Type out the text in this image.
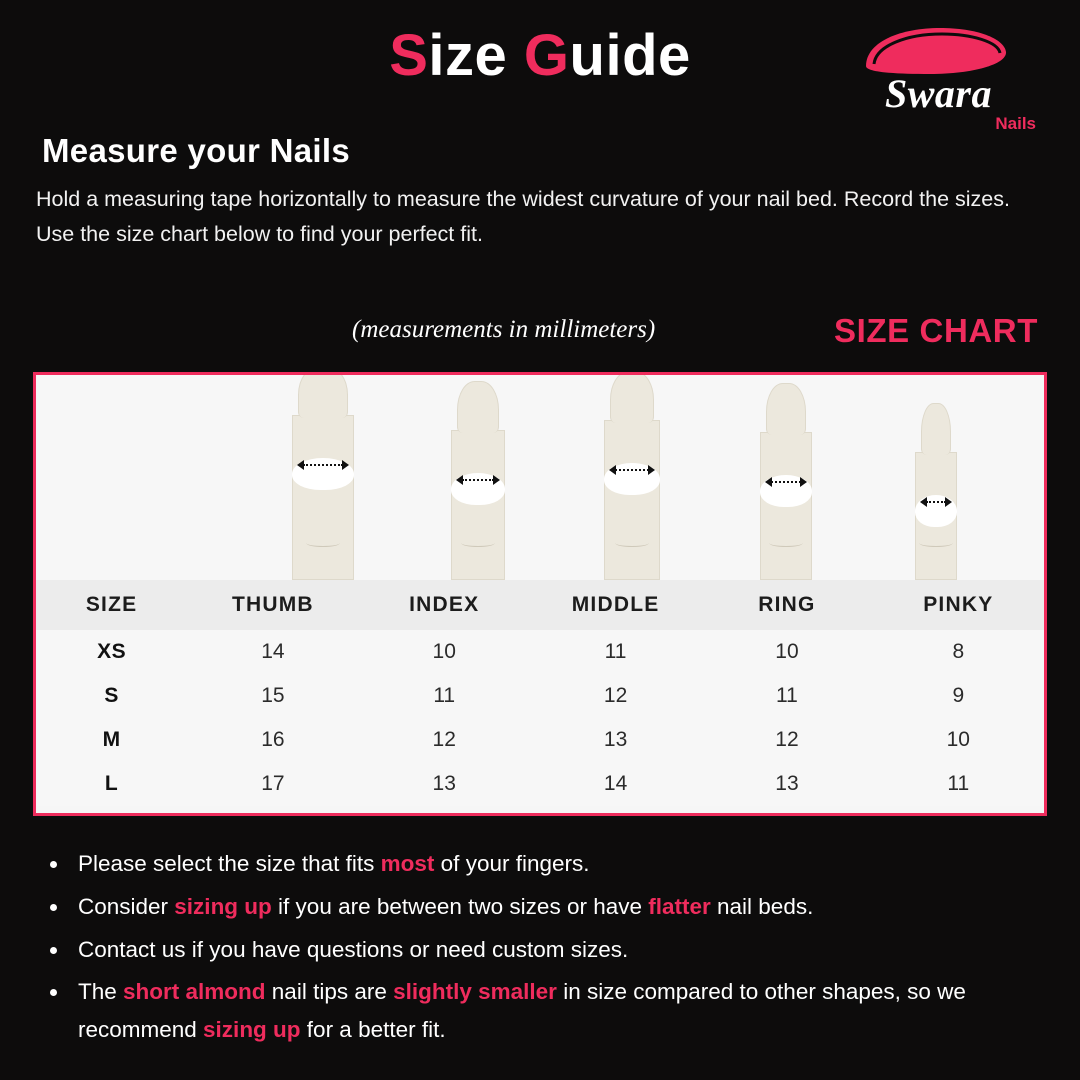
Size Guide
Swara
Nails
Measure your Nails
Hold a measuring tape horizontally to measure the widest curvature of your nail bed. Record the sizes. Use the size chart below to find your perfect fit.
(measurements in millimeters)	SIZE CHART
SIZE	THUMB	INDEX	MIDDLE	RING	PINKY
XS	14	10	11	10	8
S	15	11	12	11	9
M	16	12	13	12	10
L	17	13	14	13	11
• Please select the size that fits most of your fingers.
• Consider sizing up if you are between two sizes or have flatter nail beds.
• Contact us if you have questions or need custom sizes.
• The short almond nail tips are slightly smaller in size compared to other shapes, so we recommend sizing up for a better fit.
